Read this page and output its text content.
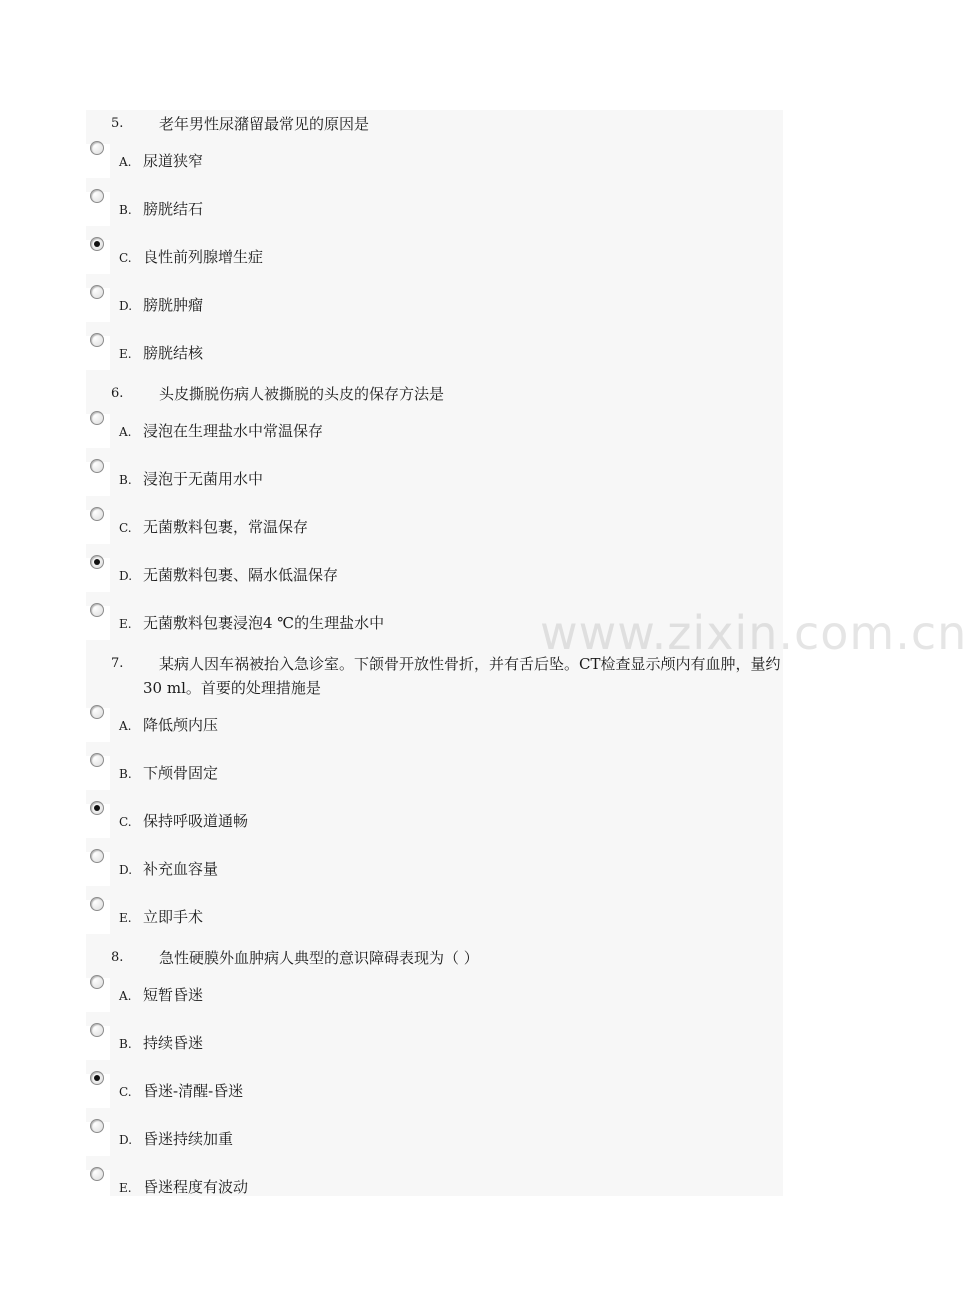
5. 老年男性尿潴留最常见的原因是
A. 尿道狭窄
B. 膀胱结石
C. 良性前列腺增生症
D. 膀胱肿瘤
E. 膀胱结核
6. 头皮撕脱伤病人被撕脱的头皮的保存方法是
A. 浸泡在生理盐水中常温保存
B. 浸泡于无菌用水中
C. 无菌敷料包裹，常温保存
D. 无菌敷料包裹、隔水低温保存
E. 无菌敷料包裹浸泡4 ℃的生理盐水中
7.	某病人因车祸被抬入急诊室。下颌骨开放性骨折，并有舌后坠。CT检查显示颅内有血肿，量约30 ml。首要的处理措施是
A. 降低颅内压
B. 下颅骨固定
C. 保持呼吸道通畅
D. 补充血容量
E. 立即手术
8. 急性硬膜外血肿病人典型的意识障碍表现为（ ）
A. 短暂昏迷
B. 持续昏迷
C. 昏迷-清醒-昏迷
D. 昏迷持续加重
E. 昏迷程度有波动
www.zixin.com.cn
